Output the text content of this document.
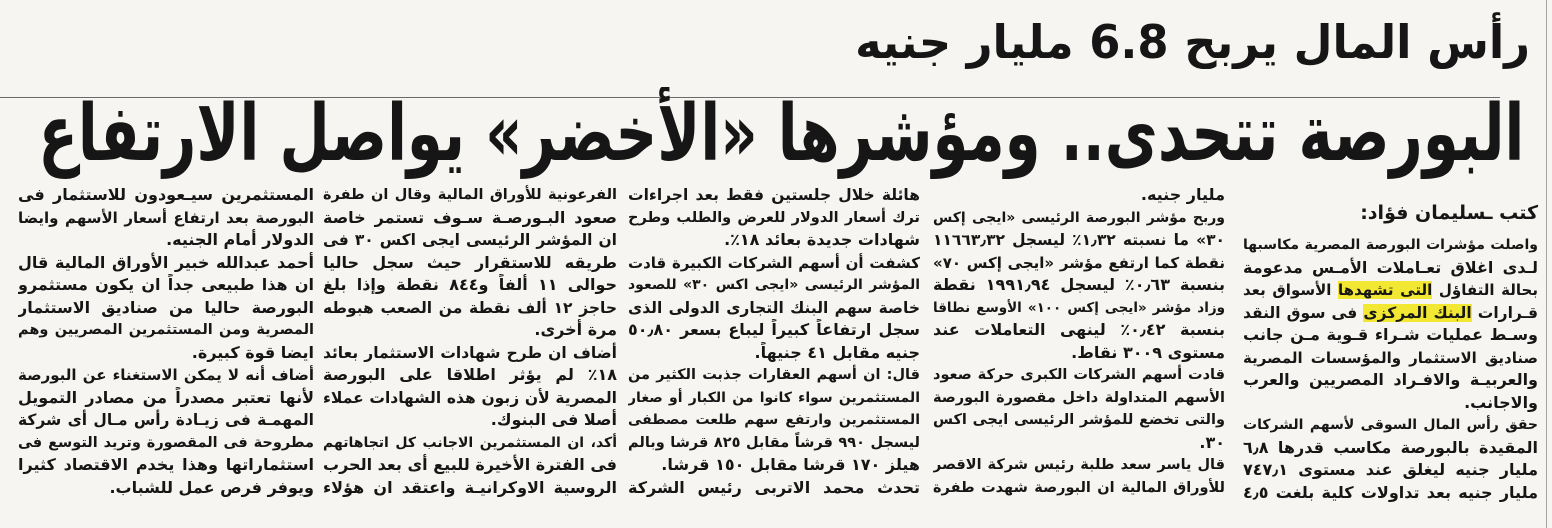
رأس المال يربح 6.8 مليار جنيه
البورصة تتحدى.. ومؤشرها «الأخضر» يواصل الارتفاع
كتب ـسليمان فؤاد:
واصلت مؤشرات البورصة المصرية مكاسبها
لـدى اغلاق تعـاملات الأمـس مدعومة
بحالة التفاؤل التى تشهدها الأسواق بعد
قـرارات البنك المركزى فى سوق النقد
وسـط عمليات شـراء قـوية مـن جانب
صناديق الاستثمار والمؤسسات المصرية
والعربيـة والافـراد المصريين والعرب
والاجانب.
حقق رأس المال السوقى لأسهم الشركات
المقيدة بالبورصة مكاسب قدرها ٦٫٨
مليار جنيه ليغلق عند مستوى ٧٤٧٫١
مليار جنيه بعد تداولات كلية بلغت ٤٫٥
مليار جنيه.
وربح مؤشر البورصة الرئيسى «ايجى إكس
٣٠» ما نسبته ١٫٣٢٪ ليسجل ١١٦٦٣٫٣٢
نقطة كما ارتفع مؤشر «ايجى إكس ٧٠»
بنسبة ٠٫٦٣٪ ليسجل ١٩٩١٫٩٤ نقطة
وزاد مؤشر «ايجى إكس ١٠٠» الأوسع نطاقا
بنسبة ٠٫٤٢٪ لينهى التعاملات عند
مستوى ٣٠٠٩ نقاط.
قادت أسهم الشركات الكبرى حركة صعود
الأسهم المتداولة داخل مقصورة البورصة
والتى تخضع للمؤشر الرئيسى ايجى اكس
٣٠.
قال ياسر سعد طلبة رئيس شركة الاقصر
للأوراق المالية ان البورصة شهدت طفرة
هائلة خلال جلستين فقط بعد اجراءات
ترك أسعار الدولار للعرض والطلب وطرح
شهادات جديدة بعائد ١٨٪.
كشفت أن أسهم الشركات الكبيرة قادت
المؤشر الرئيسى «ايجى اكس ٣٠» للصعود
خاصة سهم البنك التجارى الدولى الذى
سجل ارتفاعاً كبيراً ليباع بسعر ٥٠٫٨٠
جنيه مقابل ٤١ جنيهاً.
قال: ان أسهم العقارات جذبت الكثير من
المستثمرين سواء كانوا من الكبار أو صغار
المستثمرين وارتفع سهم طلعت مصطفى
ليسجل ٩٩٠ قرشاً مقابل ٨٢٥ قرشا وبالم
هيلز ١٧٠ قرشا مقابل ١٥٠ قرشا.
تحدث محمد الاتربى رئيس الشركة
الفرعونية للأوراق المالية وقال ان طفرة
صعود البـورصـة سـوف تستمر خاصة
ان المؤشر الرئيسى ايجى اكس ٣٠ فى
طريقه للاستقرار حيث سجل حاليا
حوالى ١١ ألفاً و٨٤٤ نقطة وإذا بلغ
حاجز ١٢ ألف نقطة من الصعب هبوطه
مرة أخرى.
أضاف ان طرح شهادات الاستثمار بعائد
١٨٪ لم يؤثر اطلاقا على البورصة
المصرية لأن زبون هذه الشهادات عملاء
أصلا فى البنوك.
أكد، ان المستثمرين الاجانب كل اتجاهاتهم
فى الفترة الأخيرة للبيع أى بعد الحرب
الروسية الاوكرانيـة واعتقد ان هؤلاء
المستثمرين سيـعودون للاستثمار فى
البورصة بعد ارتفاع أسعار الأسهم وايضا
الدولار أمام الجنيه.
أحمد عبدالله خبير الأوراق المالية قال
ان هذا طبيعى جداً ان يكون مستثمرو
البورصة حاليا من صناديق الاستثمار
المصرية ومن المستثمرين المصريين وهم
ايضا قوة كبيرة.
أضاف أنه لا يمكن الاستغناء عن البورصة
لأنها تعتبر مصدراً من مصادر التمويل
المهمـة فى زيـادة رأس مـال أى شركة
مطروحة فى المقصورة وتريد التوسع فى
استثماراتها وهذا يخدم الاقتصاد كثيرا
ويوفر فرص عمل للشباب.
